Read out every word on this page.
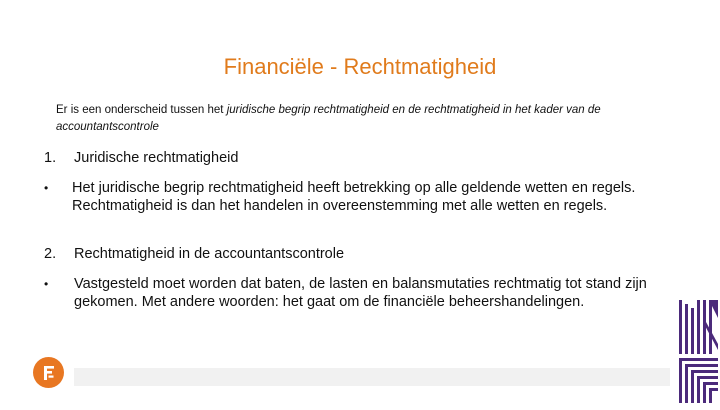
Financiële - Rechtmatigheid
Er is een onderscheid tussen het juridische begrip rechtmatigheid en de rechtmatigheid in het kader van de accountantscontrole
1. Juridische rechtmatigheid
• Het juridische begrip rechtmatigheid heeft betrekking op alle geldende wetten en regels. Rechtmatigheid is dan het handelen in overeenstemming met alle wetten en regels.
2. Rechtmatigheid in de accountantscontrole
• Vastgesteld moet worden dat baten, de lasten en balansmutaties rechtmatig tot stand zijn gekomen. Met andere woorden: het gaat om de financiële beheershandelingen.
